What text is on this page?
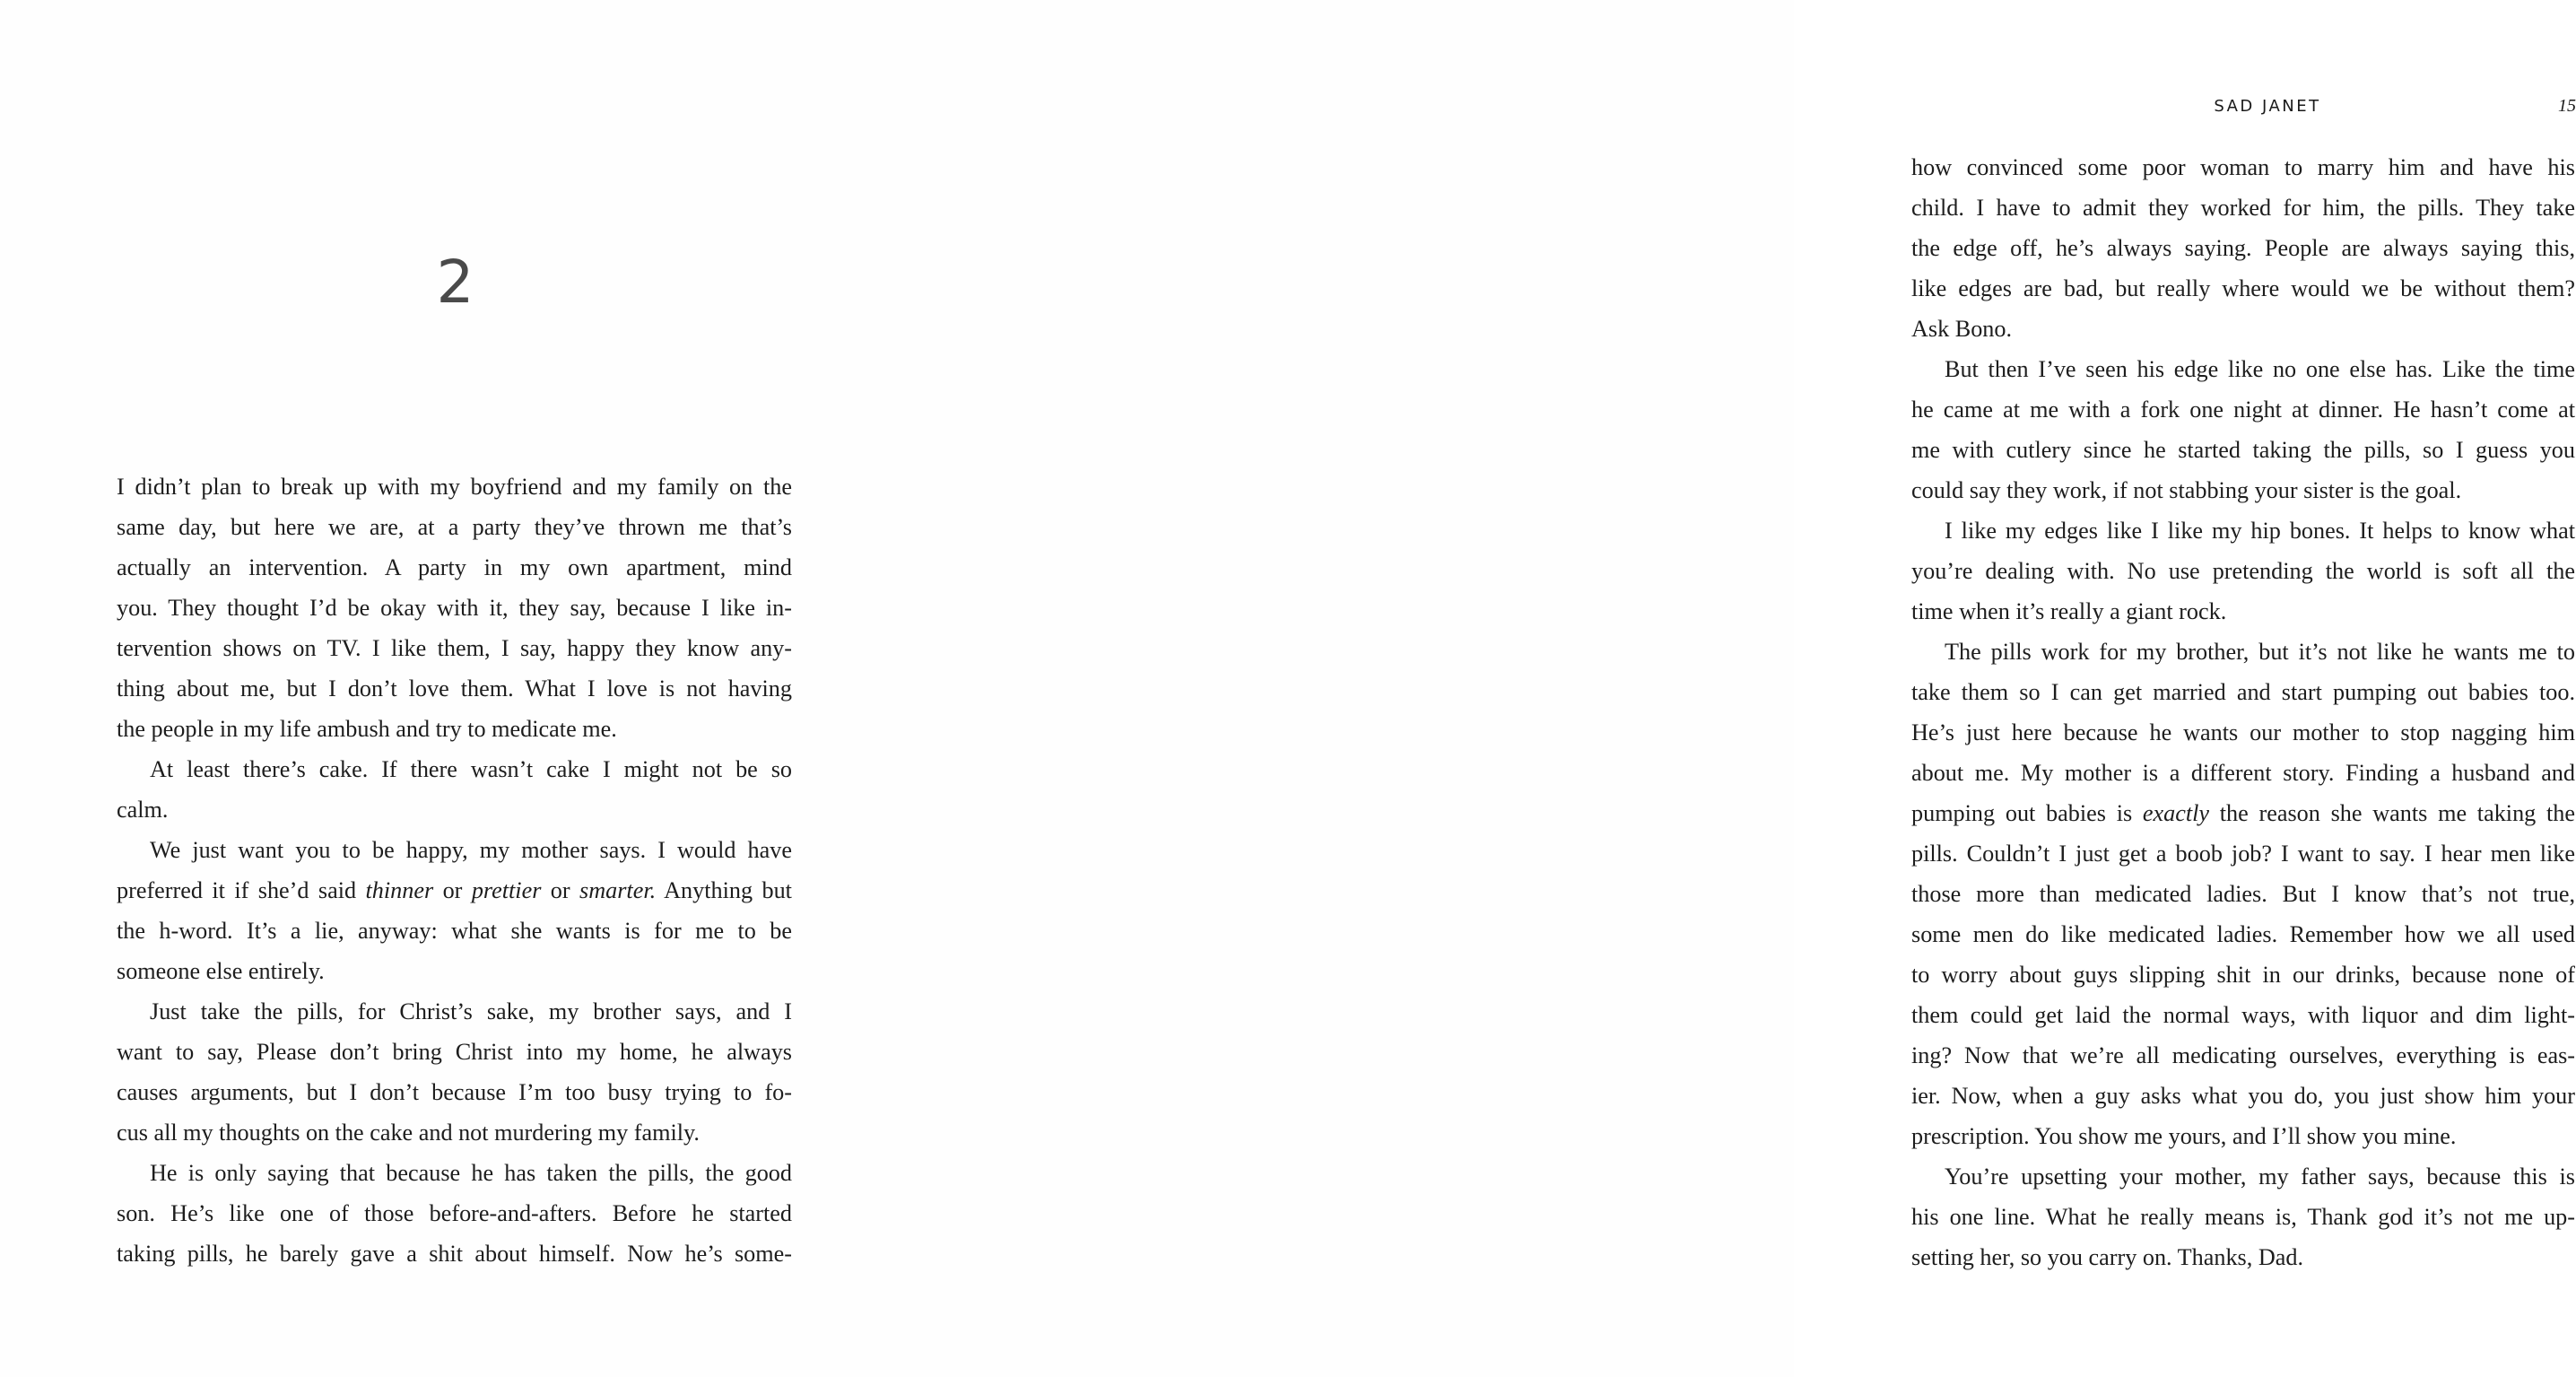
2
I didn’t plan to break up with my boyfriend and my family on the
same day, but here we are, at a party they’ve thrown me that’s
actually an intervention. A party in my own apartment, mind
you. They thought I’d be okay with it, they say, because I like in-
tervention shows on TV. I like them, I say, happy they know any-
thing about me, but I don’t love them. What I love is not having
the people in my life ambush and try to medicate me.
At least there’s cake. If there wasn’t cake I might not be so
calm.
We just want you to be happy, my mother says. I would have
preferred it if she’d said thinner or prettier or smarter. Anything but
the h-word. It’s a lie, anyway: what she wants is for me to be
someone else entirely.
Just take the pills, for Christ’s sake, my brother says, and I
want to say, Please don’t bring Christ into my home, he always
causes arguments, but I don’t because I’m too busy trying to fo-
cus all my thoughts on the cake and not murdering my family.
He is only saying that because he has taken the pills, the good
son. He’s like one of those before-and-afters. Before he started
taking pills, he barely gave a shit about himself. Now he’s some-
SAD JANET	15
how convinced some poor woman to marry him and have his
child. I have to admit they worked for him, the pills. They take
the edge off, he’s always saying. People are always saying this,
like edges are bad, but really where would we be without them?
Ask Bono.
But then I’ve seen his edge like no one else has. Like the time
he came at me with a fork one night at dinner. He hasn’t come at
me with cutlery since he started taking the pills, so I guess you
could say they work, if not stabbing your sister is the goal.
I like my edges like I like my hip bones. It helps to know what
you’re dealing with. No use pretending the world is soft all the
time when it’s really a giant rock.
The pills work for my brother, but it’s not like he wants me to
take them so I can get married and start pumping out babies too.
He’s just here because he wants our mother to stop nagging him
about me. My mother is a different story. Finding a husband and
pumping out babies is exactly the reason she wants me taking the
pills. Couldn’t I just get a boob job? I want to say. I hear men like
those more than medicated ladies. But I know that’s not true,
some men do like medicated ladies. Remember how we all used
to worry about guys slipping shit in our drinks, because none of
them could get laid the normal ways, with liquor and dim light-
ing? Now that we’re all medicating ourselves, everything is eas-
ier. Now, when a guy asks what you do, you just show him your
prescription. You show me yours, and I’ll show you mine.
You’re upsetting your mother, my father says, because this is
his one line. What he really means is, Thank god it’s not me up-
setting her, so you carry on. Thanks, Dad.
